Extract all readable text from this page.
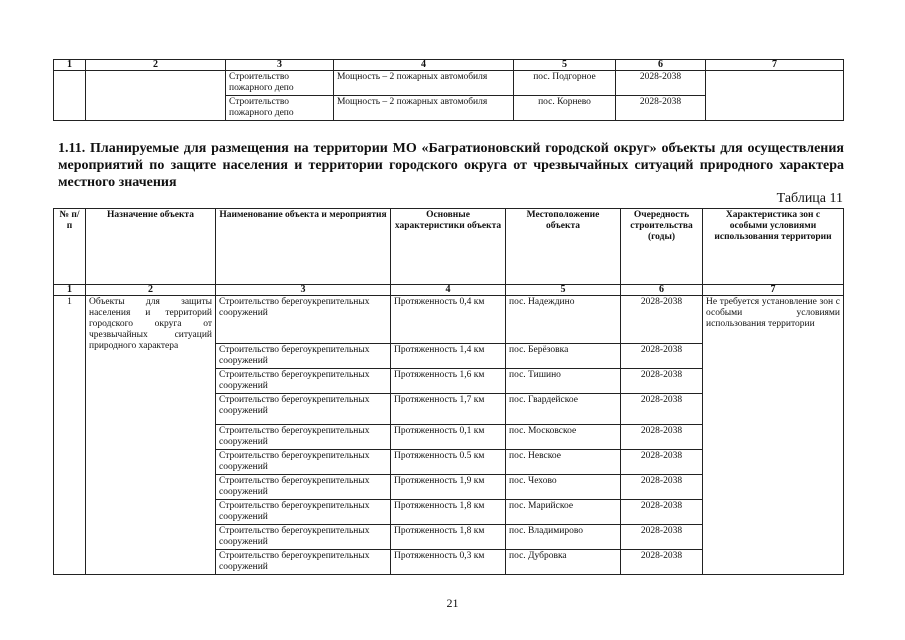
1	2	3	4	5	6	7
		Строительство пожарного депо	Мощность – 2 пожарных автомобиля	пос. Подгорное	2028-2038	
		Строительство пожарного депо	Мощность – 2 пожарных автомобиля	пос. Корнево	2028-2038	

1.11. Планируемые для размещения на территории МО «Багратионовский городской округ» объекты для осуществления мероприятий по защите населения и территории городского округа от чрезвычайных ситуаций природного характера местного значения

Таблица 11
№ п/п	Назначение объекта	Наименование объекта и мероприятия	Основные характеристики объекта	Местоположение объекта	Очередность строительства (годы)	Характеристика зон с особыми условиями использования территории
1	2	3	4	5	6	7
1	Объекты для защиты населения и территорий городского округа от чрезвычайных ситуаций природного характера	Строительство берегоукрепительных сооружений	Протяженность 0,4 км	пос. Надеждино	2028-2038	Не требуется установление зон с особыми условиями использования территории
		Строительство берегоукрепительных сооружений	Протяженность 1,4 км	пос. Берёзовка	2028-2038	
		Строительство берегоукрепительных сооружений	Протяженность 1,6 км	пос. Тишино	2028-2038	
		Строительство берегоукрепительных сооружений	Протяженность 1,7 км	пос. Гвардейское	2028-2038	
		Строительство берегоукрепительных сооружений	Протяженность 0,1 км	пос. Московское	2028-2038	
		Строительство берегоукрепительных сооружений	Протяженность 0.5 км	пос. Невское	2028-2038	
		Строительство берегоукрепительных сооружений	Протяженность 1,9 км	пос. Чехово	2028-2038	
		Строительство берегоукрепительных сооружений	Протяженность 1,8 км	пос. Марийское	2028-2038	
		Строительство берегоукрепительных сооружений	Протяженность 1,8 км	пос. Владимирово	2028-2038	
		Строительство берегоукрепительных сооружений	Протяженность 0,3 км	пос. Дубровка	2028-2038	
21
